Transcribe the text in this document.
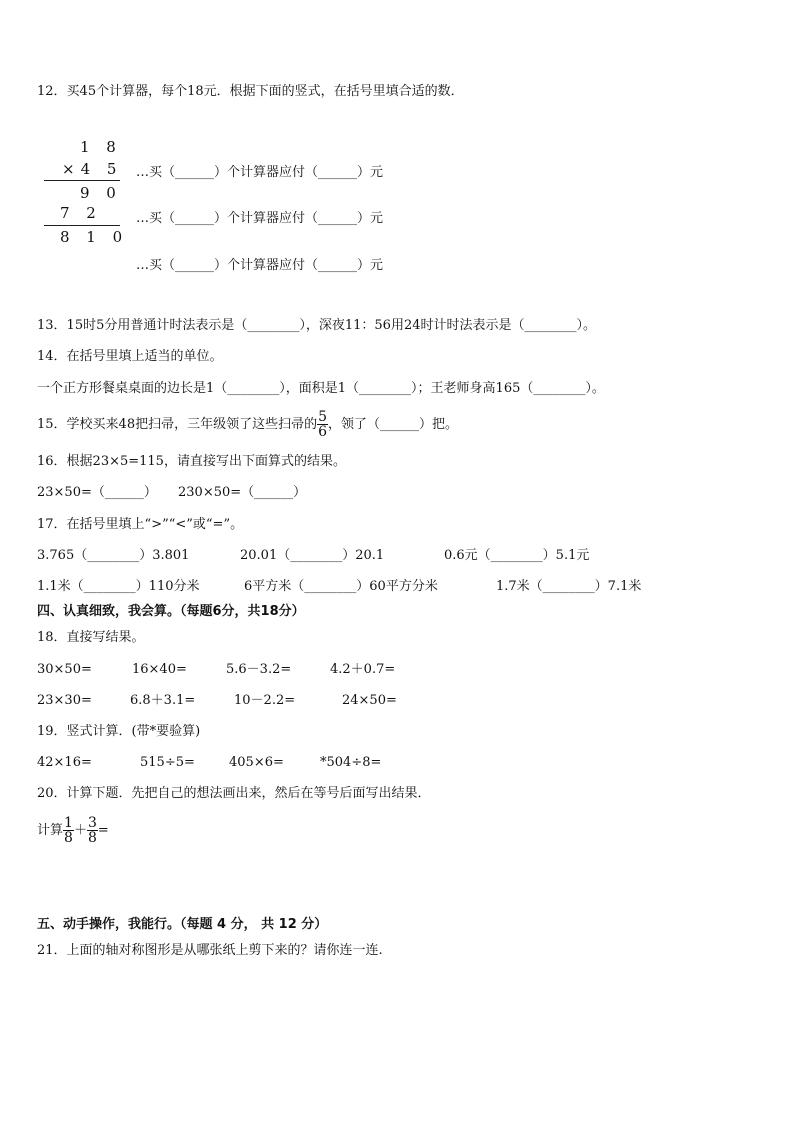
12．买45个计算器，每个18元．根据下面的竖式，在括号里填合适的数．
1 8
×4 5
9 0
7 2
8 1 0
…买（______）个计算器应付（______）元
…买（______）个计算器应付（______）元
…买（______）个计算器应付（______）元
13．15时5分用普通计时法表示是（________），深夜11：56用24时计时法表示是（________）。
14．在括号里填上适当的单位。
一个正方形餐桌桌面的边长是1（________），面积是1（________）；王老师身高165（________）。
15．学校买来48把扫帚，三年级领了这些扫帚的 $\frac{5}{6}$ ，领了（______）把。
16．根据23×5=115，请直接写出下面算式的结果。
23×50=（______） 230×50=（______）
17．在括号里填上“>”“<”或“=”。
3.765（________）3.801	20.01（________）20.1	0.6元（________）5.1元
1.1米（________）110分米	6平方米（________）60平方分米	1.7米（________）7.1米
四、认真细致，我会算。（每题6分，共18分）
18．直接写结果。
30×50=	16×40=	5.6－3.2=	4.2＋0.7=
23×30=	6.8＋3.1=	10－2.2=	24×50=
19．竖式计算．(带*要验算)
42×16=	515÷5=	405×6=	*504÷8=
20．计算下题．先把自己的想法画出来，然后在等号后面写出结果．
计算 $\frac{1}{8} + \frac{3}{8}$ =
五、动手操作，我能行。（每题 4 分， 共 12 分）
21．上面的轴对称图形是从哪张纸上剪下来的？请你连一连.
